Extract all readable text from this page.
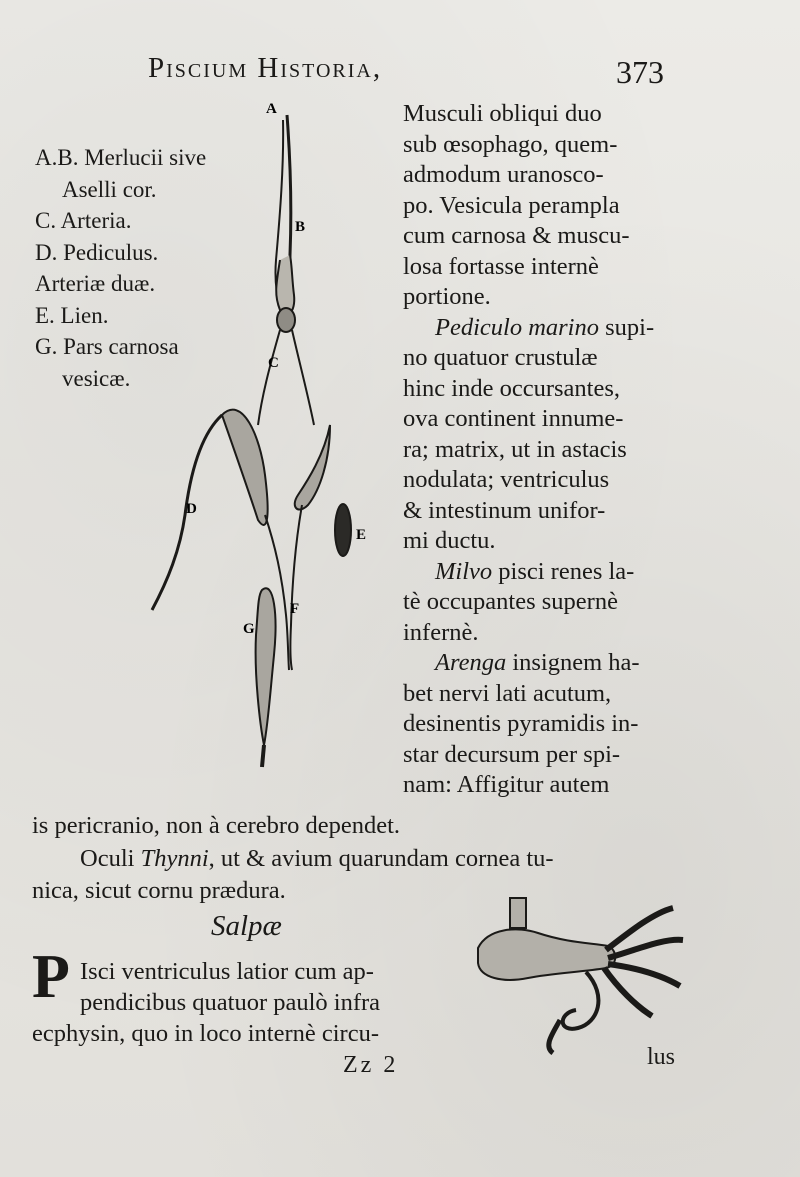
Piscium Historia,	373
A
B
C
D
E
F
G
A.B. Merlucii sive
Aselli cor.
C. Arteria.
D. Pediculus.
Arteriæ duæ.
E. Lien.
G. Pars carnosa
vesicæ.
Musculi obliqui duo
sub œsophago, quem-
admodum uranosco-
po. Vesicula perampla
cum carnosa & muscu-
losa fortasse internè
portione.
Pediculo marino supi-
no quatuor crustulæ
hinc inde occursantes,
ova continent innume-
ra; matrix, ut in astacis
nodulata; ventriculus
& intestinum unifor-
mi ductu.
Milvo pisci renes la-
tè occupantes supernè
infernè.
Arenga insignem ha-
bet nervi lati acutum,
desinentis pyramidis in-
star decursum per spi-
nam: Affigitur autem
is pericranio, non à cerebro dependet.
Oculi Thynni, ut & avium quarundam cornea tu-
nica, sicut cornu prædura.
Salpæ
P Isci ventriculus latior cum ap-
pendicibus quatuor paulò infra
ecphysin, quo in loco internè circu-
Zz 2	lus
